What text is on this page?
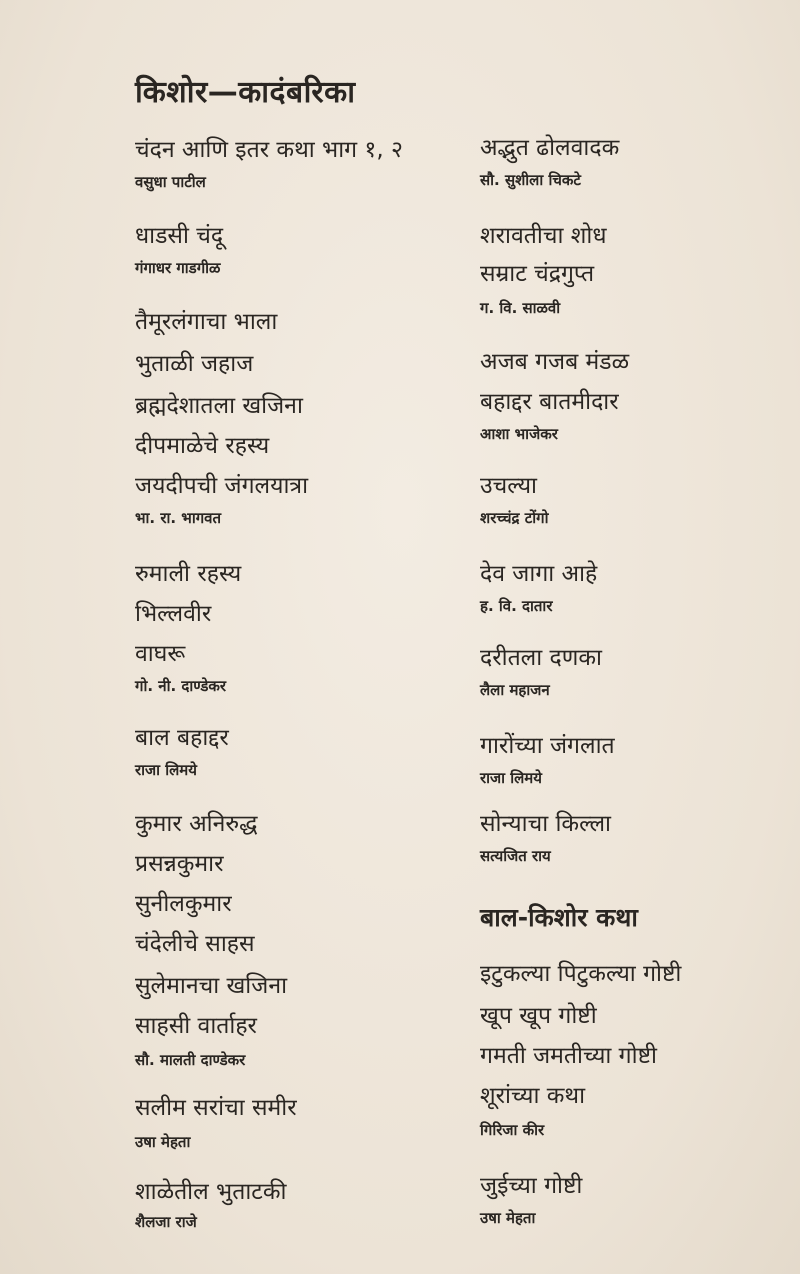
किशोर—कादंबरिका
चंदन आणि इतर कथा भाग १, २
वसुधा पाटील
धाडसी चंदू
गंगाधर गाडगीळ
तैमूरलंगाचा भाला
भुताळी जहाज
ब्रह्मदेशातला खजिना
दीपमाळेचे रहस्य
जयदीपची जंगलयात्रा
भा. रा. भागवत
रुमाली रहस्य
भिल्लवीर
वाघरू
गो. नी. दाण्डेकर
बाल बहाद्दर
राजा लिमये
कुमार अनिरुद्ध
प्रसन्नकुमार
सुनीलकुमार
चंदेलीचे साहस
सुलेमानचा खजिना
साहसी वार्ताहर
सौ. मालती दाण्डेकर
सलीम सरांचा समीर
उषा मेहता
शाळेतील भुताटकी
शैलजा राजे
अद्भुत ढोलवादक
सौ. सुशीला चिकटे
शरावतीचा शोध
सम्राट चंद्रगुप्त
ग. वि. साळवी
अजब गजब मंडळ
बहाद्दर बातमीदार
आशा भाजेकर
उचल्या
शरच्चंद्र टोंगो
देव जागा आहे
ह. वि. दातार
दरीतला दणका
लैला महाजन
गारोंच्या जंगलात
राजा लिमये
सोन्याचा किल्ला
सत्यजित राय
बाल-किशोर कथा
इटुकल्या पिटुकल्या गोष्टी
खूप खूप गोष्टी
गमती जमतीच्या गोष्टी
शूरांच्या कथा
गिरिजा कीर
जुईच्या गोष्टी
उषा मेहता
